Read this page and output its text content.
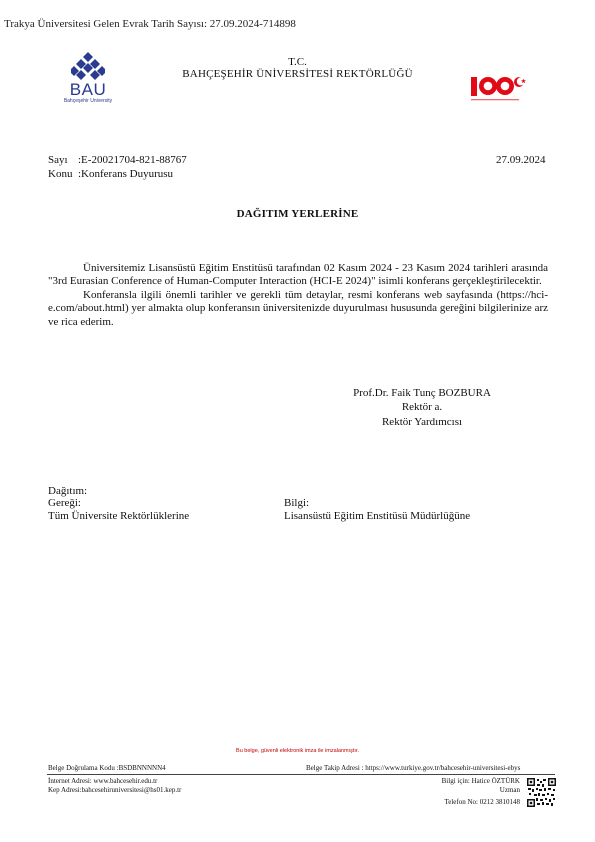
Trakya Üniversitesi Gelen Evrak Tarih Sayısı: 27.09.2024-714898
BAU
Bahçeşehir University
T.C.
BAHÇEŞEHİR ÜNİVERSİTESİ REKTÖRLÜĞÜ
Sayı :E-20021704-821-88767
Konu :Konferans Duyurusu
27.09.2024
DAĞITIM YERLERİNE

Üniversitemiz Lisansüstü Eğitim Enstitüsü tarafından 02 Kasım 2024 - 23 Kasım 2024 tarihleri arasında "3rd Eurasian Conference of Human-Computer Interaction (HCI-E 2024)" isimli konferans gerçekleştirilecektir.

Konferansla ilgili önemli tarihler ve gerekli tüm detaylar, resmi konferans web sayfasında (https://hci-e.com/about.html) yer almakta olup konferansın üniversitenizde duyurulması hususunda gereğini bilgilerinize arz ve rica ederim.

Prof.Dr. Faik Tunç BOZBURA
Rektör a.
Rektör Yardımcısı
Dağıtım:
Gereği:
Tüm Üniversite Rektörlüklerine
Bilgi:
Lisansüstü Eğitim Enstitüsü Müdürlüğüne
Bu belge, güvenli elektronik imza ile imzalanmıştır.
Belge Doğrulama Kodu :BSDBNNNNN4	Belge Takip Adresi : https://www.turkiye.gov.tr/bahcesehir-universitesi-ebys
İnternet Adresi: www.bahcesehir.edu.tr
Kep Adresi:bahcesehiruniversitesi@hs01.kep.tr
Bilgi için: Hatice ÖZTÜRK
Uzman
Telefon No: 0212 3810148
